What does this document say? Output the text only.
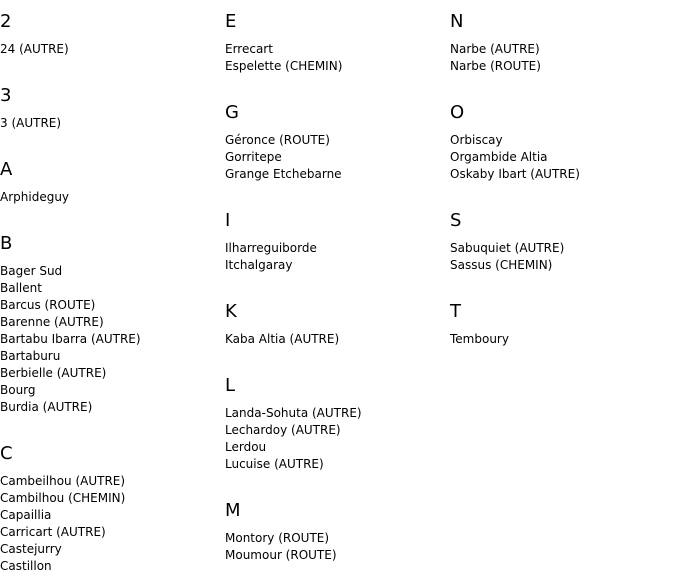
2
24 (AUTRE)
3
3 (AUTRE)
A
Arphideguy
B
Bager Sud
Ballent
Barcus (ROUTE)
Barenne (AUTRE)
Bartabu Ibarra (AUTRE)
Bartaburu
Berbielle (AUTRE)
Bourg
Burdia (AUTRE)
C
Cambeilhou (AUTRE)
Cambilhou (CHEMIN)
Capaillia
Carricart (AUTRE)
Castejurry
Castillon
E
Errecart
Espelette (CHEMIN)
G
Géronce (ROUTE)
Gorritepe
Grange Etchebarne
I
Ilharreguiborde
Itchalgaray
K
Kaba Altia (AUTRE)
L
Landa-Sohuta (AUTRE)
Lechardoy (AUTRE)
Lerdou
Lucuise (AUTRE)
M
Montory (ROUTE)
Moumour (ROUTE)
N
Narbe (AUTRE)
Narbe (ROUTE)
O
Orbiscay
Orgambide Altia
Oskaby Ibart (AUTRE)
S
Sabuquiet (AUTRE)
Sassus (CHEMIN)
T
Temboury
